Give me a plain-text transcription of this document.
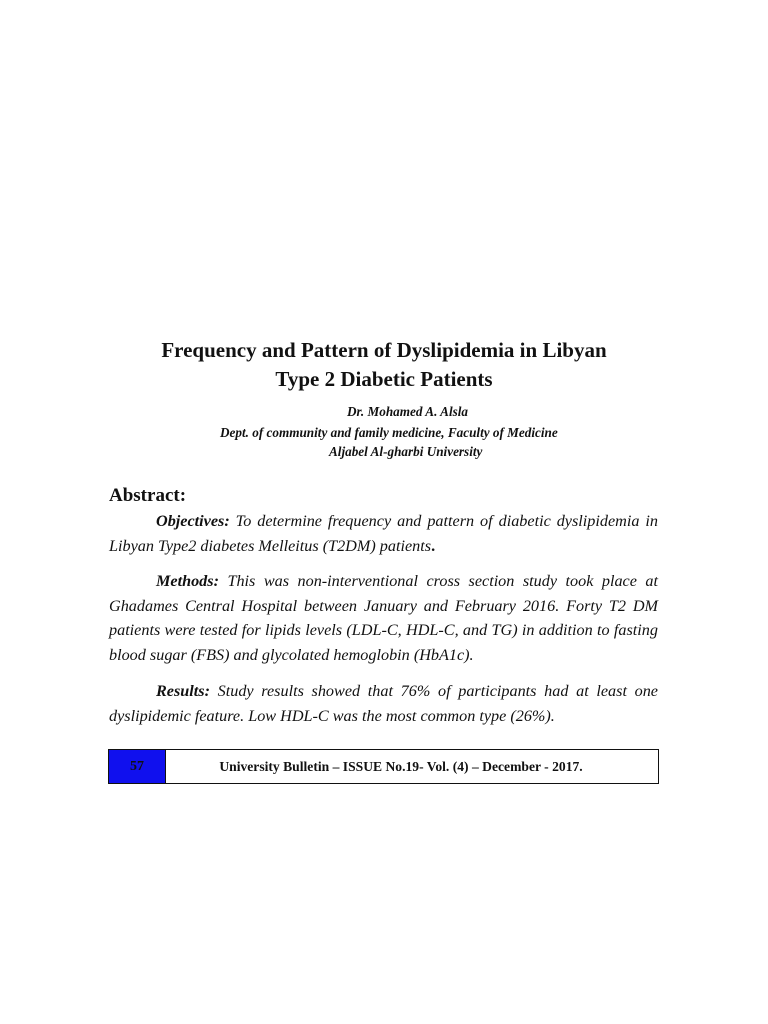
Frequency and Pattern of Dyslipidemia in Libyan
Type 2 Diabetic Patients
Dr. Mohamed A. Alsla
Dept. of community and family medicine, Faculty of Medicine
Aljabel Al-gharbi University
Abstract:

Objectives: To determine frequency and pattern of diabetic dyslipidemia in Libyan Type2 diabetes Melleitus (T2DM) patients.

Methods: This was non-interventional cross section study took place at Ghadames Central Hospital between January and February 2016. Forty T2 DM patients were tested for lipids levels (LDL-C, HDL-C, and TG) in addition to fasting blood sugar (FBS) and glycolated hemoglobin (HbA1c).

Results: Study results showed that 76% of participants had at least one dyslipidemic feature. Low HDL-C was the most common type (26%).

57	University Bulletin – ISSUE No.19- Vol. (4) – December - 2017.
